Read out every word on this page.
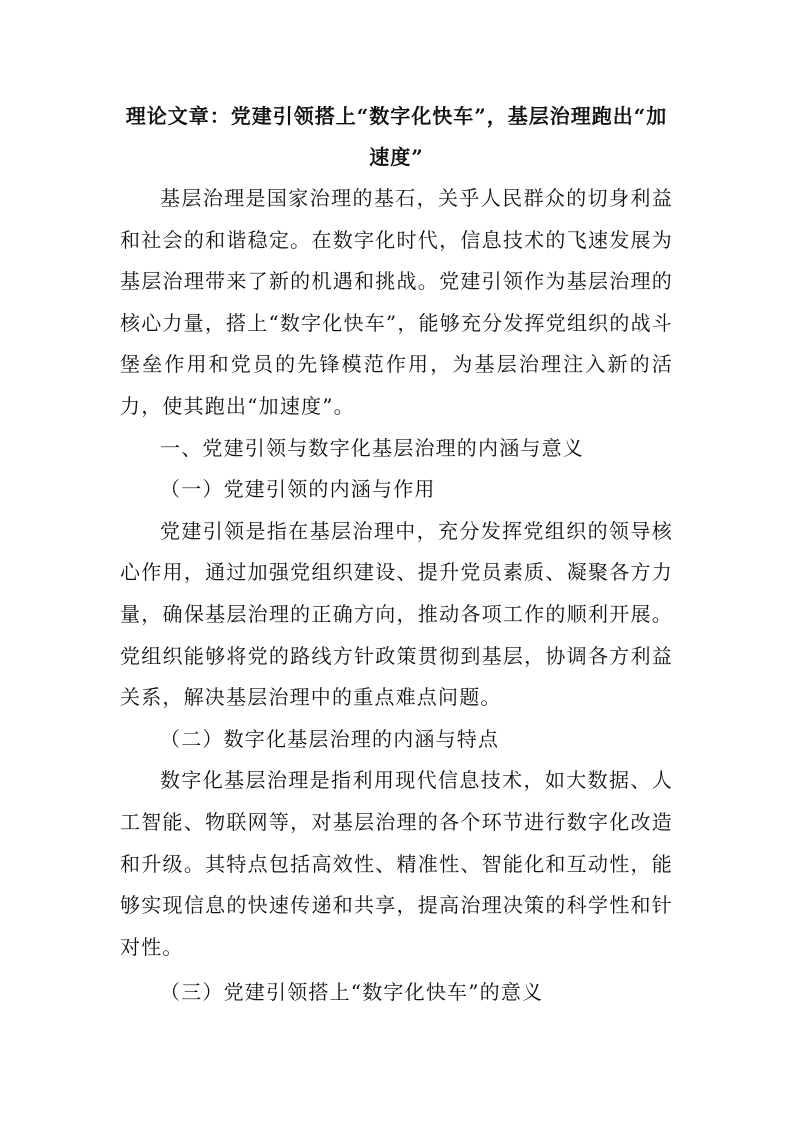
理论文章：党建引领搭上“数字化快车”，基层治理跑出“加速度”

基层治理是国家治理的基石，关乎人民群众的切身利益和社会的和谐稳定。在数字化时代，信息技术的飞速发展为基层治理带来了新的机遇和挑战。党建引领作为基层治理的核心力量，搭上“数字化快车”，能够充分发挥党组织的战斗堡垒作用和党员的先锋模范作用，为基层治理注入新的活力，使其跑出“加速度”。

一、党建引领与数字化基层治理的内涵与意义

（一）党建引领的内涵与作用

党建引领是指在基层治理中，充分发挥党组织的领导核心作用，通过加强党组织建设、提升党员素质、凝聚各方力量，确保基层治理的正确方向，推动各项工作的顺利开展。党组织能够将党的路线方针政策贯彻到基层，协调各方利益关系，解决基层治理中的重点难点问题。

（二）数字化基层治理的内涵与特点

数字化基层治理是指利用现代信息技术，如大数据、人工智能、物联网等，对基层治理的各个环节进行数字化改造和升级。其特点包括高效性、精准性、智能化和互动性，能够实现信息的快速传递和共享，提高治理决策的科学性和针对性。

（三）党建引领搭上“数字化快车”的意义
